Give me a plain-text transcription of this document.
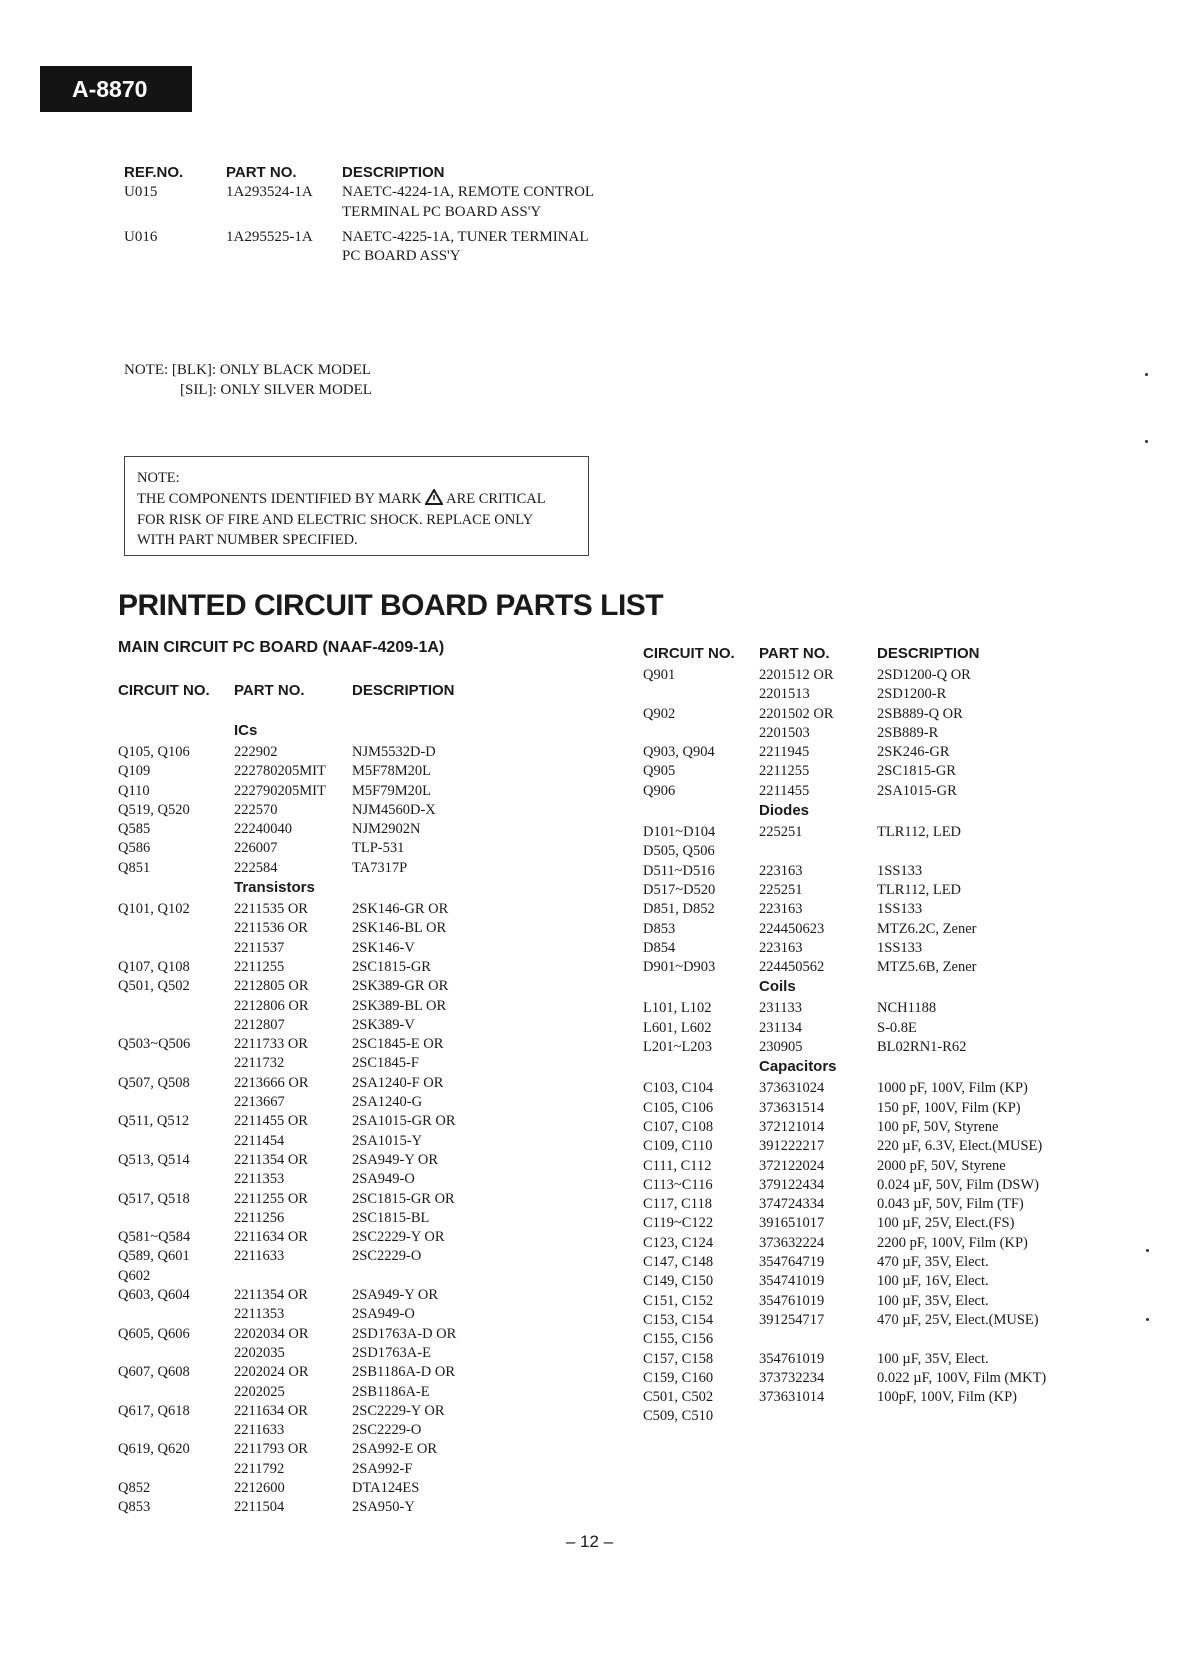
A-8870
REF.NO.	PART NO.	DESCRIPTION
U015	1A293524-1A NAETC-4224-1A, REMOTE CONTROL
TERMINAL PC BOARD ASS'Y
U016	1A295525-1A NAETC-4225-1A, TUNER TERMINAL
PC BOARD ASS'Y
NOTE: [BLK]: ONLY BLACK MODEL
[SIL]: ONLY SILVER MODEL
NOTE:
THE COMPONENTS IDENTIFIED BY MARK ARE CRITICAL
FOR RISK OF FIRE AND ELECTRIC SHOCK. REPLACE ONLY
WITH PART NUMBER SPECIFIED.
PRINTED CIRCUIT BOARD PARTS LIST
MAIN CIRCUIT PC BOARD (NAAF-4209-1A)
CIRCUIT NO. PART NO.	DESCRIPTION
ICs
Q105, Q106	222902	NJM5532D-D
Q109	222780205MIT M5F78M20L
Q110	222790205MIT M5F79M20L
Q519, Q520	222570	NJM4560D-X
Q585	22240040	NJM2902N
Q586	226007	TLP-531
Q851	222584	TA7317P
Transistors
Q101, Q102	2211535 OR	2SK146-GR OR
2211536 OR	2SK146-BL OR
2211537	2SK146-V
Q107, Q108	2211255	2SC1815-GR
Q501, Q502	2212805 OR	2SK389-GR OR
2212806 OR	2SK389-BL OR
2212807	2SK389-V
Q503~Q506	2211733 OR	2SC1845-E OR
2211732	2SC1845-F
Q507, Q508	2213666 OR	2SA1240-F OR
2213667	2SA1240-G
Q511, Q512	2211455 OR	2SA1015-GR OR
2211454	2SA1015-Y
Q513, Q514	2211354 OR	2SA949-Y OR
2211353	2SA949-O
Q517, Q518	2211255 OR	2SC1815-GR OR
2211256	2SC1815-BL
Q581~Q584	2211634 OR	2SC2229-Y OR
Q589, Q601	2211633	2SC2229-O
Q602
Q603, Q604	2211354 OR	2SA949-Y OR
2211353	2SA949-O
Q605, Q606	2202034 OR	2SD1763A-D OR
2202035	2SD1763A-E
Q607, Q608	2202024 OR	2SB1186A-D OR
2202025	2SB1186A-E
Q617, Q618	2211634 OR	2SC2229-Y OR
2211633	2SC2229-O
Q619, Q620	2211793 OR	2SA992-E OR
2211792	2SA992-F
Q852	2212600	DTA124ES
Q853	2211504	2SA950-Y
CIRCUIT NO. PART NO.	DESCRIPTION
Q901	2201512 OR	2SD1200-Q OR
2201513	2SD1200-R
Q902	2201502 OR	2SB889-Q OR
2201503	2SB889-R
Q903, Q904	2211945	2SK246-GR
Q905	2211255	2SC1815-GR
Q906	2211455	2SA1015-GR
Diodes
D101~D104	225251	TLR112, LED
D505, Q506
D511~D516	223163	1SS133
D517~D520	225251	TLR112, LED
D851, D852	223163	1SS133
D853	224450623	MTZ6.2C, Zener
D854	223163	1SS133
D901~D903	224450562	MTZ5.6B, Zener
Coils
L101, L102	231133	NCH1188
L601, L602	231134	S-0.8E
L201~L203	230905	BL02RN1-R62
Capacitors
C103, C104	373631024	1000 pF, 100V, Film (KP)
C105, C106	373631514	150 pF, 100V, Film (KP)
C107, C108	372121014	100 pF, 50V, Styrene
C109, C110	391222217	220 µF, 6.3V, Elect.(MUSE)
C111, C112	372122024	2000 pF, 50V, Styrene
C113~C116	379122434	0.024 µF, 50V, Film (DSW)
C117, C118	374724334	0.043 µF, 50V, Film (TF)
C119~C122	391651017	100 µF, 25V, Elect.(FS)
C123, C124	373632224	2200 pF, 100V, Film (KP)
C147, C148	354764719	470 µF, 35V, Elect.
C149, C150	354741019	100 µF, 16V, Elect.
C151, C152	354761019	100 µF, 35V, Elect.
C153, C154	391254717	470 µF, 25V, Elect.(MUSE)
C155, C156
C157, C158	354761019	100 µF, 35V, Elect.
C159, C160	373732234	0.022 µF, 100V, Film (MKT)
C501, C502	373631014	100pF, 100V, Film (KP)
C509, C510
– 12 –
